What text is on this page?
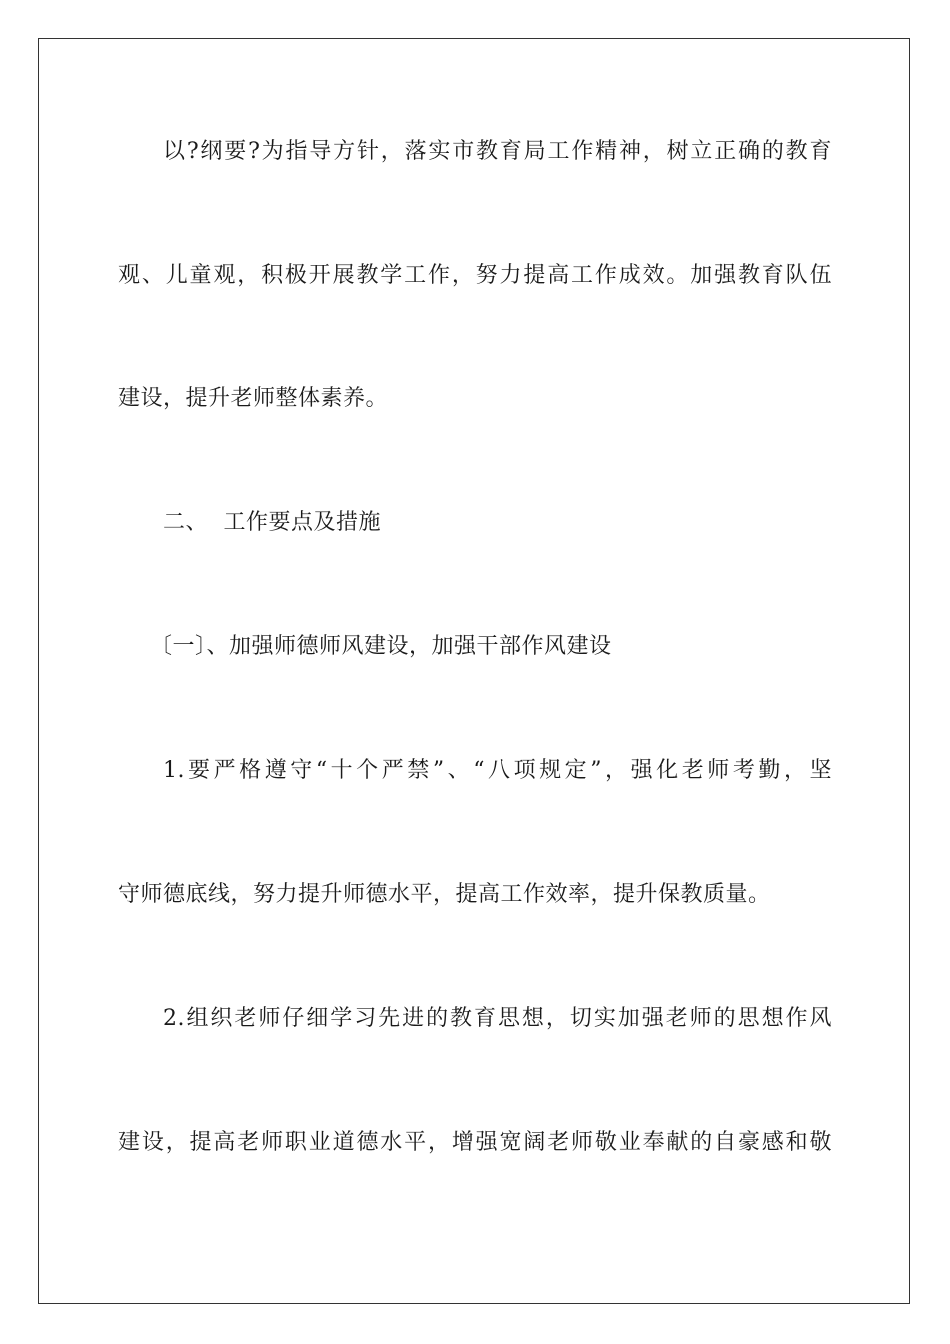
以?纲要?为指导方针，落实市教育局工作精神，树立正确的教育
观、儿童观，积极开展教学工作，努力提高工作成效。加强教育队伍
建设，提升老师整体素养。
二、 工作要点及措施
〔一〕、加强师德师风建设，加强干部作风建设
1.要严格遵守“十个严禁”、“八项规定”，强化老师考勤，坚
守师德底线，努力提升师德水平，提高工作效率，提升保教质量。
2.组织老师仔细学习先进的教育思想，切实加强老师的思想作风
建设，提高老师职业道德水平，增强宽阔老师敬业奉献的自豪感和敬
